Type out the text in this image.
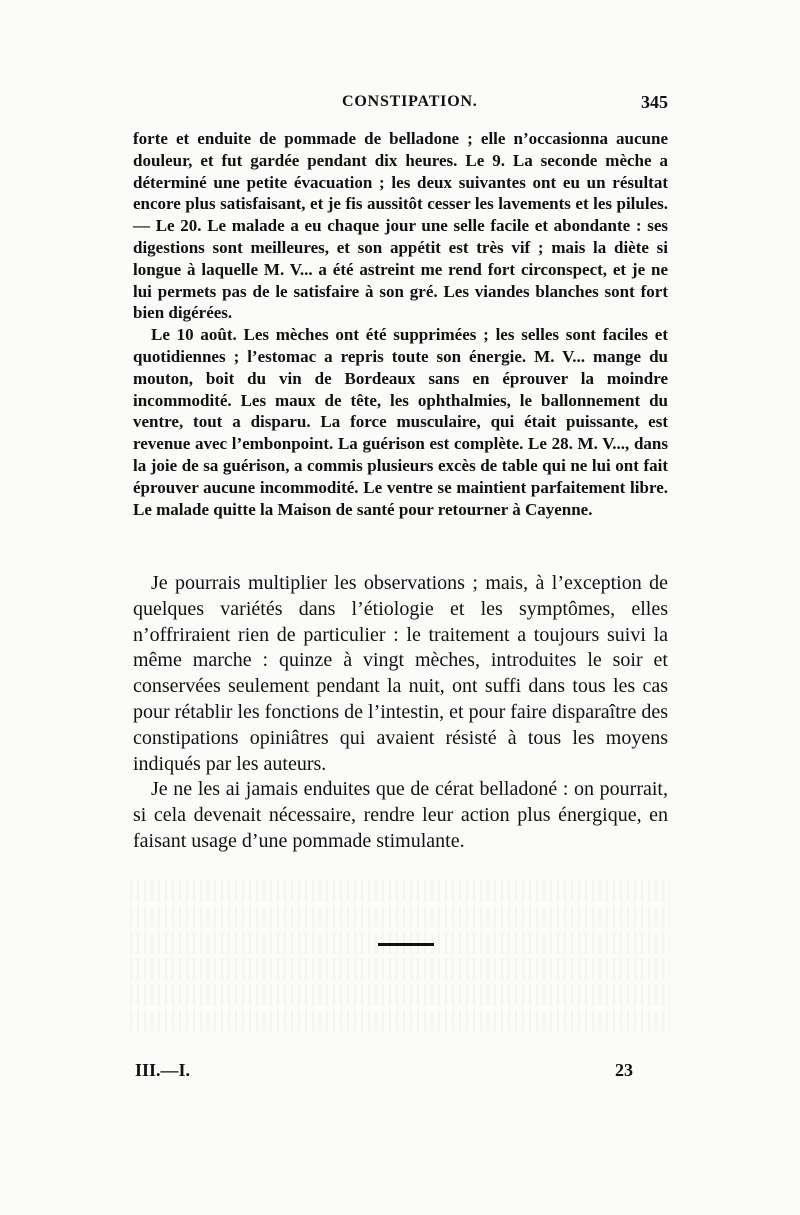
CONSTIPATION.	345

forte et enduite de pommade de belladone ; elle n’occasionna aucune douleur, et fut gardée pendant dix heures. Le 9. La seconde mèche a déterminé une petite évacuation ; les deux suivantes ont eu un résultat encore plus satisfaisant, et je fis aussitôt cesser les lavements et les pilules. — Le 20. Le malade a eu chaque jour une selle facile et abondante : ses digestions sont meilleures, et son appétit est très vif ; mais la diète si longue à laquelle M. V... a été astreint me rend fort circonspect, et je ne lui permets pas de le satisfaire à son gré. Les viandes blanches sont fort bien digérées.

Le 10 août. Les mèches ont été supprimées ; les selles sont faciles et quotidiennes ; l’estomac a repris toute son énergie. M. V... mange du mouton, boit du vin de Bordeaux sans en éprouver la moindre incommodité. Les maux de tête, les ophthalmies, le ballonnement du ventre, tout a disparu. La force musculaire, qui était puissante, est revenue avec l’embonpoint. La guérison est complète. Le 28. M. V..., dans la joie de sa guérison, a commis plusieurs excès de table qui ne lui ont fait éprouver aucune incommodité. Le ventre se maintient parfaitement libre. Le malade quitte la Maison de santé pour retourner à Cayenne.

Je pourrais multiplier les observations ; mais, à l’exception de quelques variétés dans l’étiologie et les symptômes, elles n’offriraient rien de particulier : le traitement a toujours suivi la même marche : quinze à vingt mèches, introduites le soir et conservées seulement pendant la nuit, ont suffi dans tous les cas pour rétablir les fonctions de l’intestin, et pour faire disparaître des constipations opiniâtres qui avaient résisté à tous les moyens indiqués par les auteurs.

Je ne les ai jamais enduites que de cérat belladoné : on pourrait, si cela devenait nécessaire, rendre leur action plus énergique, en faisant usage d’une pommade stimulante.

III.—I.	23
